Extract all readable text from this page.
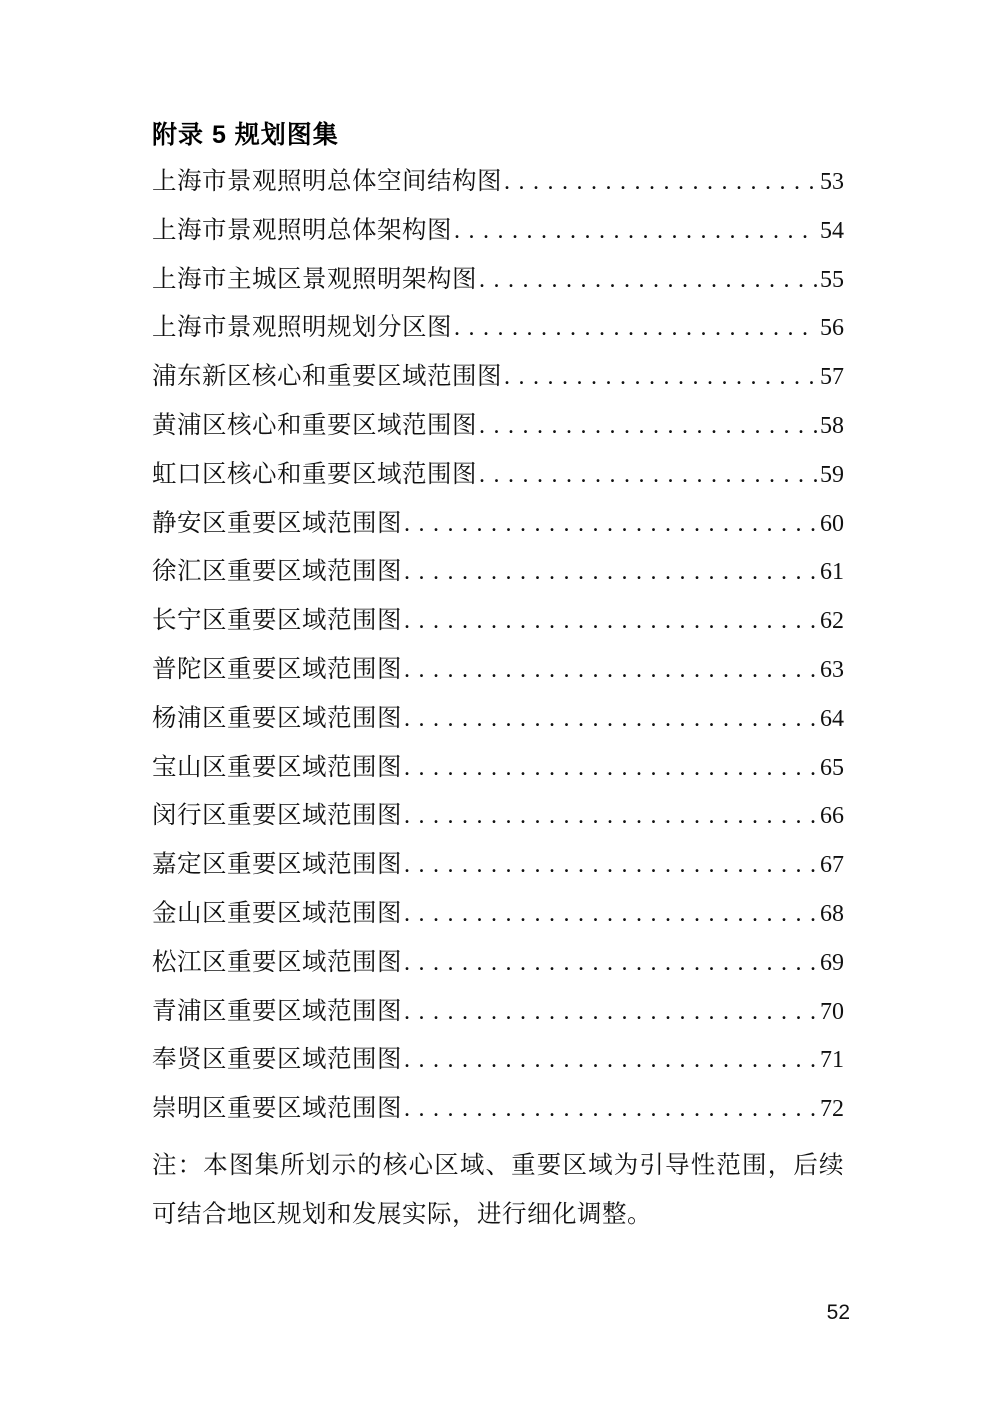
附录 5 规划图集
上海市景观照明总体空间结构图 .....	53
上海市景观照明总体架构图 .....	54
上海市主城区景观照明架构图 .....	55
上海市景观照明规划分区图 .....	56
浦东新区核心和重要区域范围图 .....	57
黄浦区核心和重要区域范围图 .....	58
虹口区核心和重要区域范围图 .....	59
静安区重要区域范围图 .....	60
徐汇区重要区域范围图 .....	61
长宁区重要区域范围图 .....	62
普陀区重要区域范围图 .....	63
杨浦区重要区域范围图 .....	64
宝山区重要区域范围图 .....	65
闵行区重要区域范围图 .....	66
嘉定区重要区域范围图 .....	67
金山区重要区域范围图 .....	68
松江区重要区域范围图 .....	69
青浦区重要区域范围图 .....	70
奉贤区重要区域范围图 .....	71
崇明区重要区域范围图 .....	72
注：本图集所划示的核心区域、重要区域为引导性范围，后续可结合地区规划和发展实际，进行细化调整。
52
